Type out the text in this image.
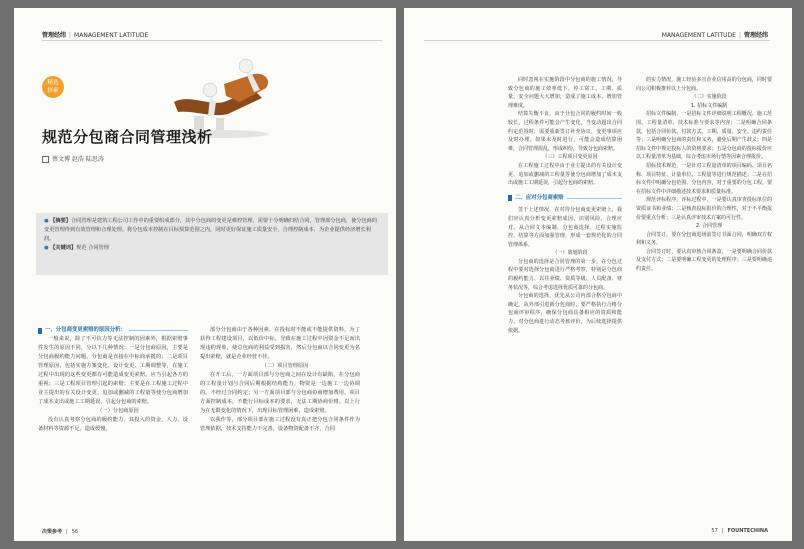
管理经纬 | MANAGEMENT LATITUDE
精选
探索
规范分包商合同管理浅析
蔡文博 赵浩 陆思涛

● 【摘要】合同管理是建筑工程公司工作中的重要组成部分，其中分包商的变更是难控管理。需要十分明确归结合同，管理部分包商，使分包商的变更管理得到有效管理和合理处理。将分包成本控制在目标预算范围之内，同时更好保证施工质量安全，合理控制成本，为企业提供经济增长利润。

● 【关键词】规范 合同管理

一、分包商变更索赔的原因分析：

一般来说，除了不可抗力等无法控制的因素外，根据索赔事件发生的原因不同，分以下几种情况：一是分包商原因，主要是分包商履约能力问题。分包商是直接在中标商承揽的；二是项目管理原因，包括实施方案变化、设计变更、工期调整等，在施工过程中出现的这些变更都有可能造成变更索赔，应当引起各方的重视；三是工程项目管理引起的索赔；主要是在工程施工过程中业主提出的有关设计变更、追加或删减的工程量等使分包商增加了成本支出或施工工期延误，引起分包商的索赔。

（一）分包商原因

没有认真考察分包商的履约能力，其投入的资金、人力、设备材料等资源不足，造成缓慢。

部分分包商由于各种因素，在投标时不能或不能提供资料，为了获得工程建设项目，以低价中标，导致在施工过程中因资金不足而出现违约现象，使总包商的利益受到损害，然后分包商以合同变更为名提出索赔，就是企业经营不佳。

（二）项目管理原因

在开工后，一方面项目部与分包商之间在设计有缺陷，在分包商的工程量计划与合同后期根据结构能力，物资是一边施工一边协调的。不经过合同约定；另一方面项目部与分包商协商增加费用，项目方面控制成本，不能行目标成本的要求，无法工期协商价格。以上行为在无限变化的情况下，出现目标管理困难，造成索赔。

以我作等，部分项目部在施工过程没有真正把分包合同条件作为管理依据，技术支持能力不完善，设备物资配备不齐，合同

决策参考 | 56
MANAGEMENT LATITUDE | 管理经纬

同时忽视在实施阶段中分包商的施工情况，导致分包商的施工效率低下，停工窝工，工期、质量、安全问题大大增加，造成了施工成本、增加管理难度。

结算失衡不良，由于分包合同的履约时间一般较长，过程条件可能会产生变化，当变动超出合同约定范围时，需要重新签订补充协议，变更事项应及时办理。如果未及时进行，可能会造成结算困难，合同管理混乱，形成纠纷，导致分包商索赔。

（三）工程项目变更原因

在工程施工过程中由于业主提出的有关设计变更、追加或删减的工程量等使分包商增加了成本支出或施工工期延误，引起分包商的索赔。

二、应对分包商索赔

签于上述情况，在对待分包商变更索赔上，我们应认真分析变更索赔成因，识别风险，合理应对。从合同文本编制、分包商选择、过程实施监控、结算等方面加强管理，形成一套规范化的合同管理体系。

（一）策划阶段

分包商的选择是合同管理的第一步，在分包过程中要对选择分包商进行严格考察，特别是分包商的履约能力、以往业绩、资质等级、人员配备、财务状况等，综合考虑选择优质可靠的分包商。

分包商的选择，优先从公司内部合格分包商中确定。从外部引进新分包商时，要严格执行合格分包商评审程序，确保分包商具备相应的资质和能力。对分包商进行动态考核评价，为后续选择提供依据。

的实力情况，施工经验多且企业信用高的分包商，同时要向公司积极推荐以上分包商。

（二）实施阶段

1. 招标文件编制

招标文件编制，一是招标文件详细说明工程概况、施工范围、工程量清单、技术标准与要求等内容；二是明确合同条款，包括合同价款、付款方式、工期、质量、安全、违约责任等；三是明确分包商的责任和义务，避免后期产生歧义；四是招标文件中规定投标人的资格要求；五是分包商的投标报价应以工程量清单为基础，综合考虑市场行情等因素合理报价。

招标技术规范，一是针对工程量清单的项目编码、项目名称、项目特征、计量单位、工程量等进行规范描述；二是在招标文件中明确分包范围、分包内容，对于重要的分包工程，要在招标文件中详细描述技术要求和质量标准。

规范评标程序，评标过程中，一是要认真审查投标单位的资质证书和业绩；二是核查投标报价的合理性，对于不平衡报价要重点分析；三是认真评审技术方案的可行性。

2. 合同管理

合同签订，要在分包商进场前签订书面合同，明确双方权利和义务。

合同签订时，要认真审核合同条款，一是要明确合同价款及支付方式；二是要明确工程变更的处理程序；三是要明确违约责任。

57 | FOUNTECHINA
